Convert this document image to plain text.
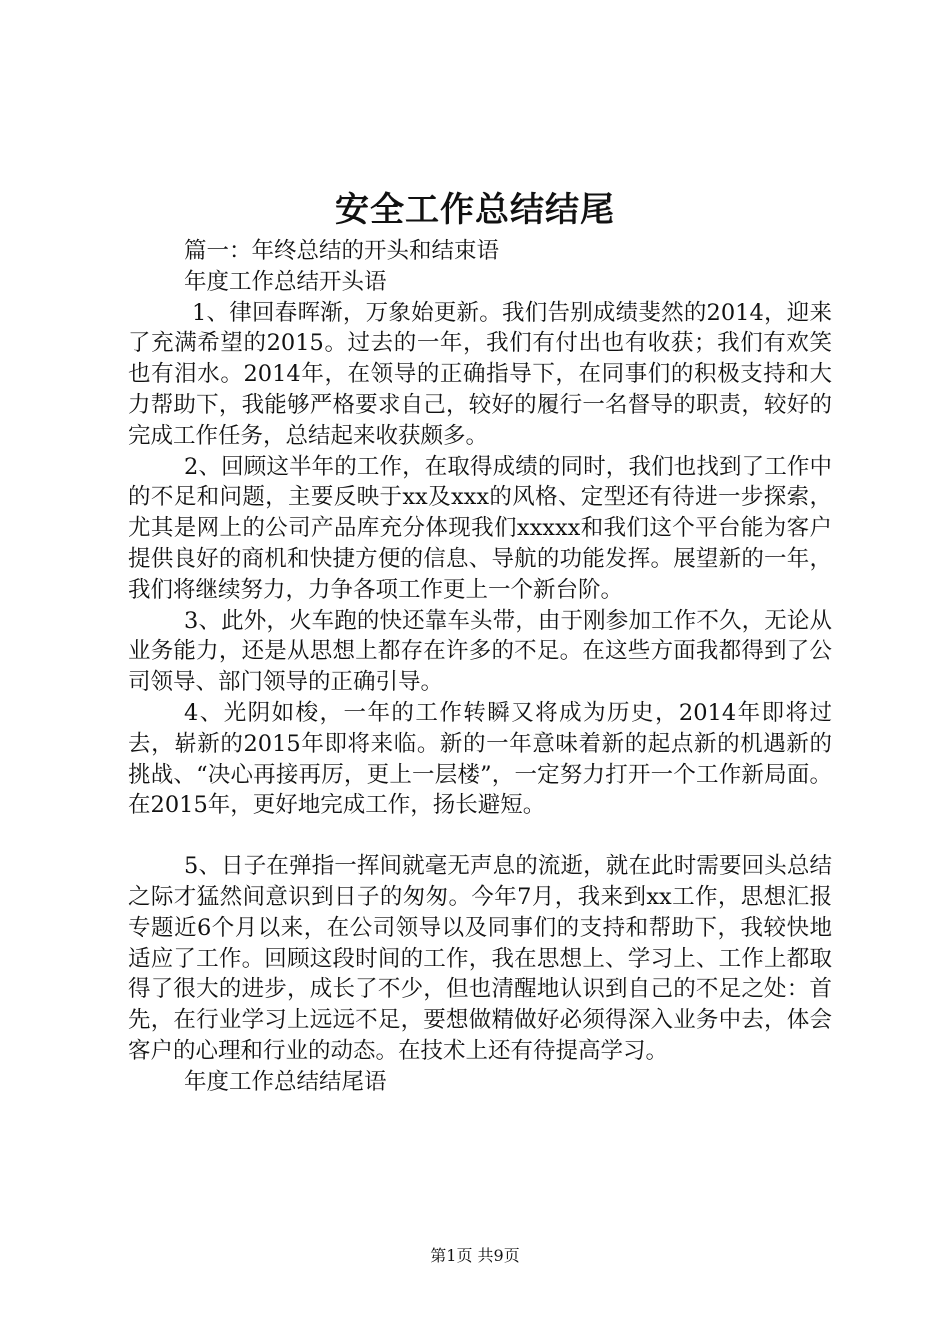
安全工作总结结尾

篇一：年终总结的开头和结束语

年度工作总结开头语

1、律回春晖渐，万象始更新。我们告别成绩斐然的2014，迎来了充满希望的2015。过去的一年，我们有付出也有收获；我们有欢笑也有泪水。2014年，在领导的正确指导下，在同事们的积极支持和大力帮助下，我能够严格要求自己，较好的履行一名督导的职责，较好的完成工作任务，总结起来收获颇多。

2、回顾这半年的工作，在取得成绩的同时，我们也找到了工作中的不足和问题，主要反映于xx及xxx的风格、定型还有待进一步探索，尤其是网上的公司产品库充分体现我们xxxxx和我们这个平台能为客户提供良好的商机和快捷方便的信息、导航的功能发挥。展望新的一年，我们将继续努力，力争各项工作更上一个新台阶。

3、此外，火车跑的快还靠车头带，由于刚参加工作不久，无论从业务能力，还是从思想上都存在许多的不足。在这些方面我都得到了公司领导、部门领导的正确引导。

4、光阴如梭，一年的工作转瞬又将成为历史，2014年即将过去，崭新的2015年即将来临。新的一年意味着新的起点新的机遇新的挑战、“决心再接再厉，更上一层楼”，一定努力打开一个工作新局面。在2015年，更好地完成工作，扬长避短。

5、日子在弹指一挥间就毫无声息的流逝，就在此时需要回头总结之际才猛然间意识到日子的匆匆。今年7月，我来到xx工作，思想汇报专题近6个月以来，在公司领导以及同事们的支持和帮助下，我较快地适应了工作。回顾这段时间的工作，我在思想上、学习上、工作上都取得了很大的进步，成长了不少，但也清醒地认识到自己的不足之处：首先，在行业学习上远远不足，要想做精做好必须得深入业务中去，体会客户的心理和行业的动态。在技术上还有待提高学习。

年度工作总结结尾语

第1页 共9页
